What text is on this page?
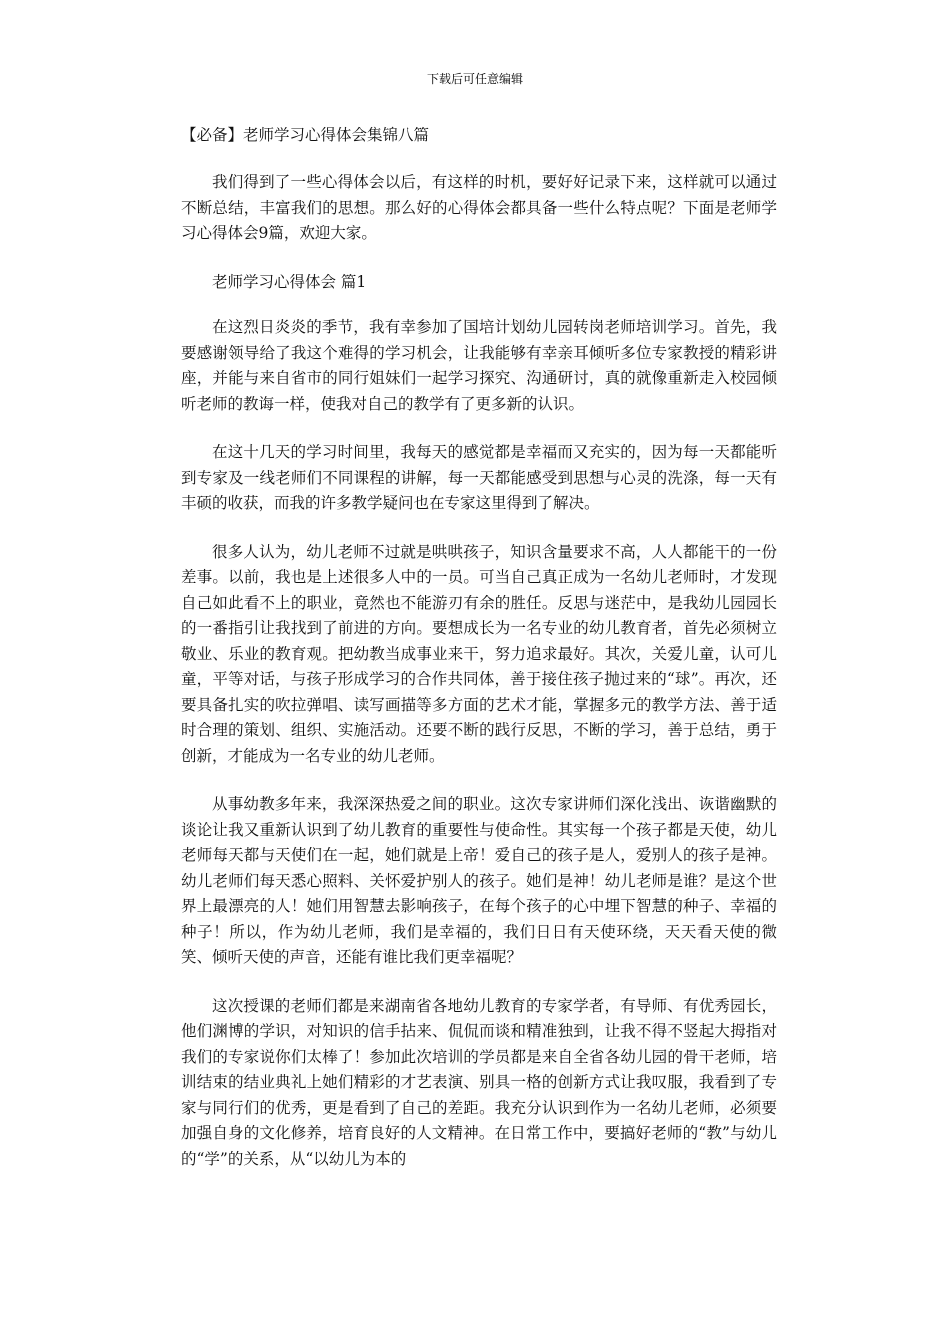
下载后可任意编辑

【必备】老师学习心得体会集锦八篇

我们得到了一些心得体会以后，有这样的时机，要好好记录下来，这样就可以通过不断总结，丰富我们的思想。那么好的心得体会都具备一些什么特点呢？下面是老师学习心得体会9篇，欢迎大家。

老师学习心得体会 篇1

在这烈日炎炎的季节，我有幸参加了国培计划幼儿园转岗老师培训学习。首先，我要感谢领导给了我这个难得的学习机会，让我能够有幸亲耳倾听多位专家教授的精彩讲座，并能与来自省市的同行姐妹们一起学习探究、沟通研讨，真的就像重新走入校园倾听老师的教诲一样，使我对自己的教学有了更多新的认识。

在这十几天的学习时间里，我每天的感觉都是幸福而又充实的，因为每一天都能听到专家及一线老师们不同课程的讲解，每一天都能感受到思想与心灵的洗涤，每一天有丰硕的收获，而我的许多教学疑问也在专家这里得到了解决。

很多人认为，幼儿老师不过就是哄哄孩子，知识含量要求不高，人人都能干的一份差事。以前，我也是上述很多人中的一员。可当自己真正成为一名幼儿老师时，才发现自己如此看不上的职业，竟然也不能游刃有余的胜任。反思与迷茫中，是我幼儿园园长的一番指引让我找到了前进的方向。要想成长为一名专业的幼儿教育者，首先必须树立敬业、乐业的教育观。把幼教当成事业来干，努力追求最好。其次，关爱儿童，认可儿童，平等对话，与孩子形成学习的合作共同体，善于接住孩子抛过来的“球”。再次，还要具备扎实的吹拉弹唱、读写画描等多方面的艺术才能，掌握多元的教学方法、善于适时合理的策划、组织、实施活动。还要不断的践行反思，不断的学习，善于总结，勇于创新，才能成为一名专业的幼儿老师。

从事幼教多年来，我深深热爱之间的职业。这次专家讲师们深化浅出、诙谐幽默的谈论让我又重新认识到了幼儿教育的重要性与使命性。其实每一个孩子都是天使，幼儿老师每天都与天使们在一起，她们就是上帝！爱自己的孩子是人，爱别人的孩子是神。幼儿老师们每天悉心照料、关怀爱护别人的孩子。她们是神！幼儿老师是谁？是这个世界上最漂亮的人！她们用智慧去影响孩子，在每个孩子的心中埋下智慧的种子、幸福的种子！所以，作为幼儿老师，我们是幸福的，我们日日有天使环绕，天天看天使的微笑、倾听天使的声音，还能有谁比我们更幸福呢？

这次授课的老师们都是来湖南省各地幼儿教育的专家学者，有导师、有优秀园长，他们渊博的学识，对知识的信手拈来、侃侃而谈和精准独到，让我不得不竖起大拇指对我们的专家说你们太棒了！参加此次培训的学员都是来自全省各幼儿园的骨干老师，培训结束的结业典礼上她们精彩的才艺表演、别具一格的创新方式让我叹服，我看到了专家与同行们的优秀，更是看到了自己的差距。我充分认识到作为一名幼儿老师，必须要加强自身的文化修养，培育良好的人文精神。在日常工作中，要搞好老师的“教”与幼儿的“学”的关系，从“以幼儿为本的
